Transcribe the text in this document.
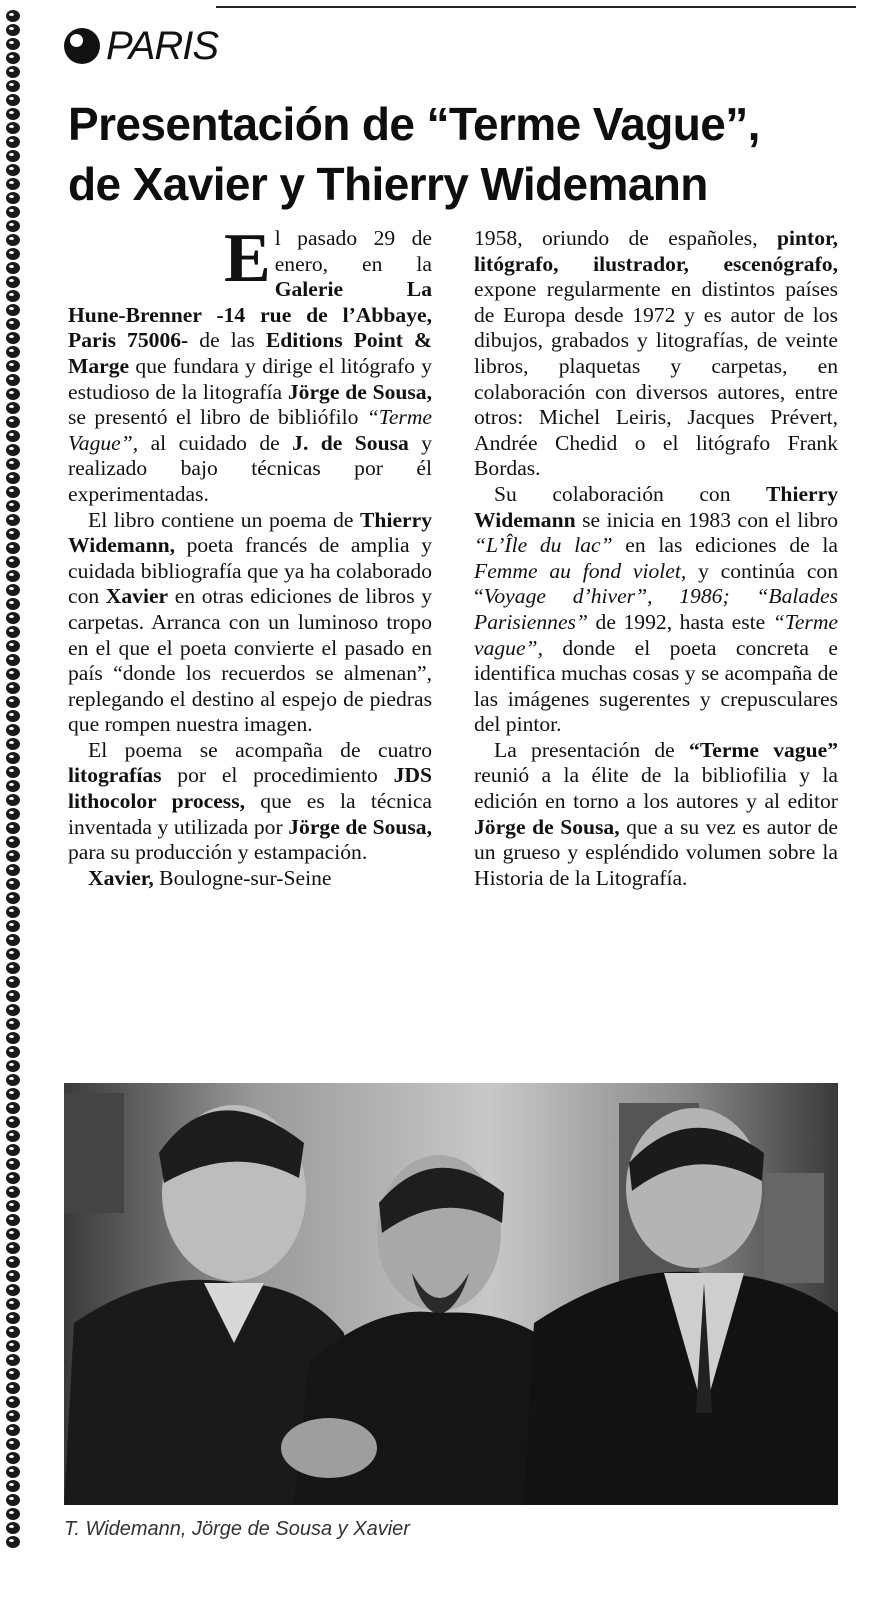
PARIS
Presentación de “Terme Vague”,
de Xavier y Thierry Widemann

El pasado 29 de enero, en la Galerie La Hune-Brenner -14 rue de l’Abbaye, Paris 75006- de las Editions Point & Marge que fundara y dirige el litógrafo y estudioso de la litografía Jörge de Sousa, se presentó el libro de bibliófilo “Terme Vague”, al cuidado de J. de Sousa y realizado bajo técnicas por él experimentadas.

El libro contiene un poema de Thierry Widemann, poeta francés de amplia y cuidada bibliografía que ya ha colaborado con Xavier en otras ediciones de libros y carpetas. Arranca con un luminoso tropo en el que el poeta convierte el pasado en país “donde los recuerdos se almenan”, replegando el destino al espejo de piedras que rompen nuestra imagen.

El poema se acompaña de cuatro litografías por el procedimiento JDS lithocolor process, que es la técnica inventada y utilizada por Jörge de Sousa, para su producción y estampación.

Xavier, Boulogne-sur-Seine

1958, oriundo de españoles, pintor, litógrafo, ilustrador, escenógrafo, expone regularmente en distintos países de Europa desde 1972 y es autor de los dibujos, grabados y litografías, de veinte libros, plaquetas y carpetas, en colaboración con diversos autores, entre otros: Michel Leiris, Jacques Prévert, Andrée Chedid o el litógrafo Frank Bordas.

Su colaboración con Thierry Widemann se inicia en 1983 con el libro “L’Île du lac” en las ediciones de la Femme au fond violet, y continúa con “Voyage d’hiver”, 1986; “Balades Parisiennes” de 1992, hasta este “Terme vague”, donde el poeta concreta e identifica muchas cosas y se acompaña de las imágenes sugerentes y crepusculares del pintor.

La presentación de “Terme vague” reunió a la élite de la bibliofilia y la edición en torno a los autores y al editor Jörge de Sousa, que a su vez es autor de un grueso y espléndido volumen sobre la Historia de la Litografía.

T. Widemann, Jörge de Sousa y Xavier
